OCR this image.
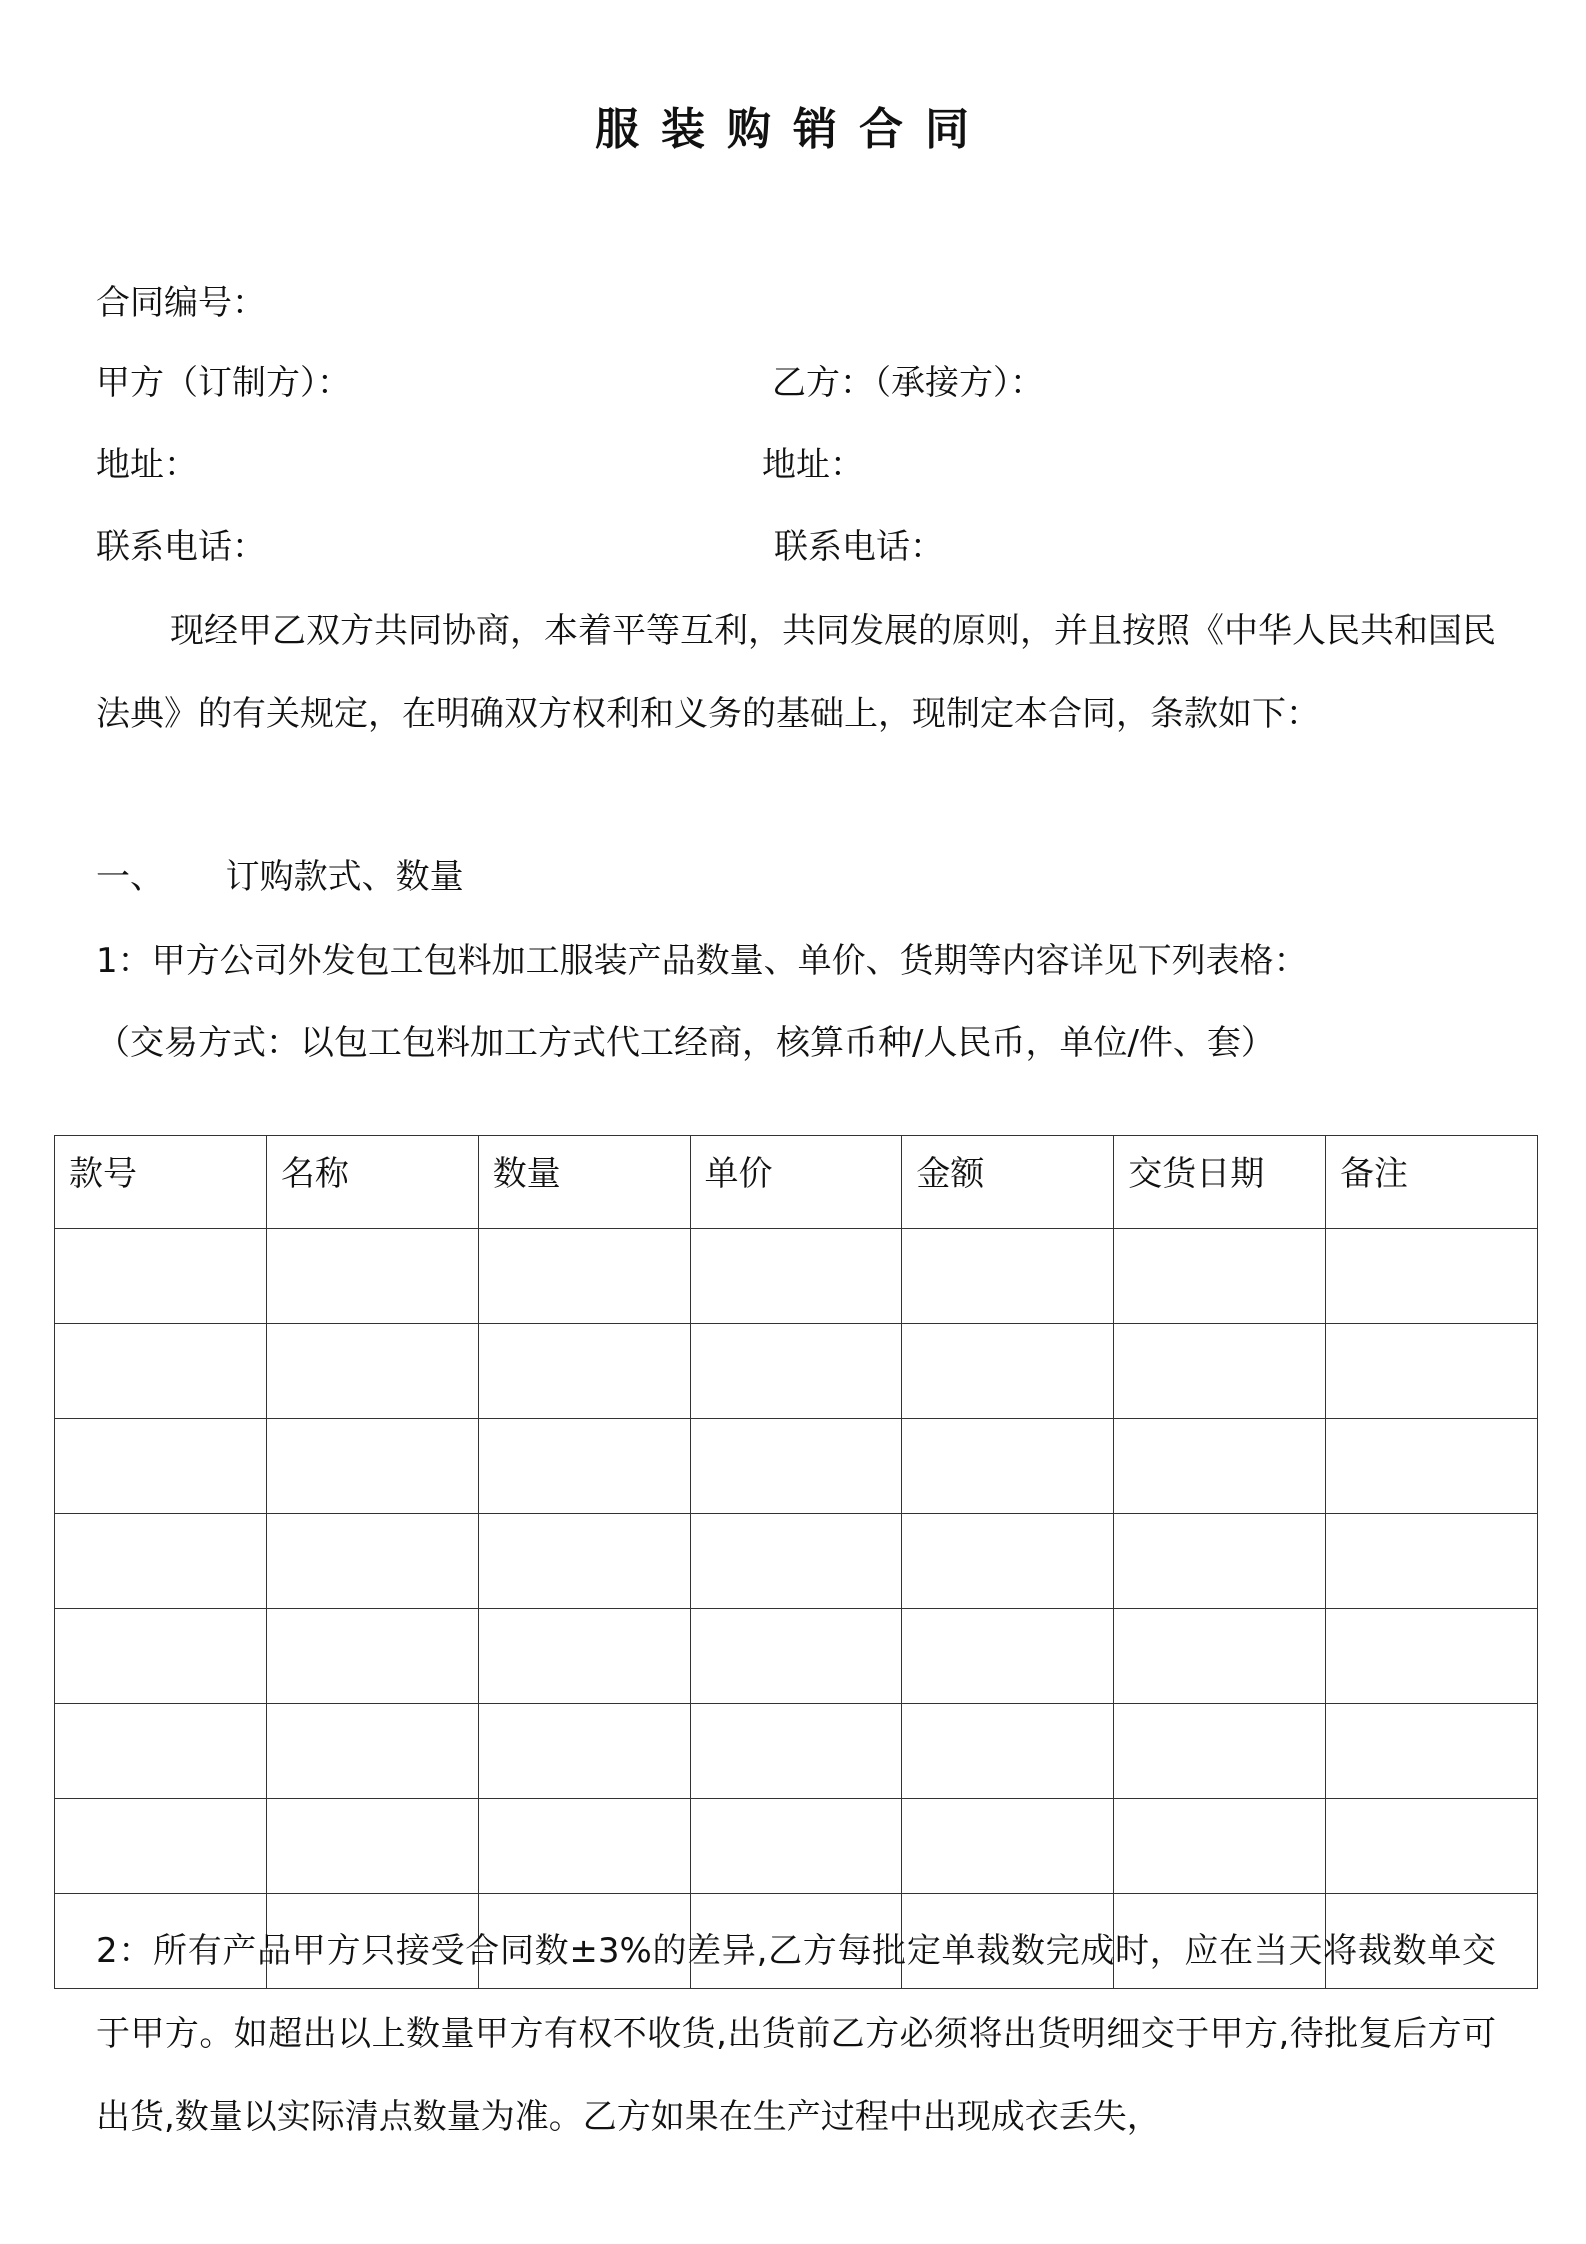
服装购销合同
合同编号：
甲方（订制方）：	乙方：（承接方）：
地址：	地址：
联系电话：	联系电话：
现经甲乙双方共同协商，本着平等互利，共同发展的原则，并且按照《中华人民共和国民法典》的有关规定，在明确双方权利和义务的基础上，现制定本合同，条款如下：
一、 订购款式、数量
1：甲方公司外发包工包料加工服装产品数量、单价、货期等内容详见下列表格：
（交易方式：以包工包料加工方式代工经商，核算币种/人民币，单位/件、套）
款号	名称	数量	单价	金额	交货日期	备注

2：所有产品甲方只接受合同数±3%的差异,乙方每批定单裁数完成时，应在当天将裁数单交于甲方。如超出以上数量甲方有权不收货,出货前乙方必须将出货明细交于甲方,待批复后方可出货,数量以实际清点数量为准。乙方如果在生产过程中出现成衣丢失，
